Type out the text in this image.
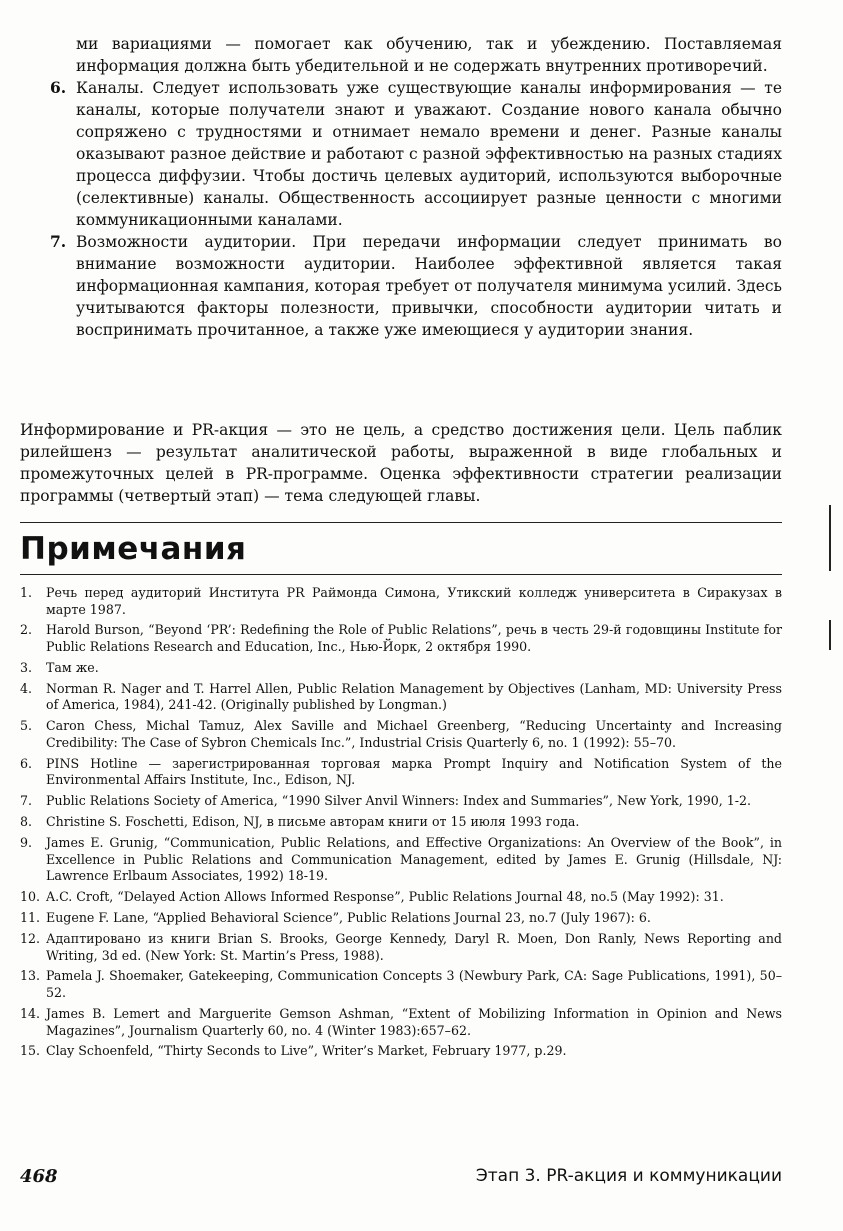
ми вариациями — помогает как обучению, так и убеждению. Поставляемая информация должна быть убедительной и не содержать внутренних противоречий.

6. Каналы. Следует использовать уже существующие каналы информирования — те каналы, которые получатели знают и уважают. Создание нового канала обычно сопряжено с трудностями и отнимает немало времени и денег. Разные каналы оказывают разное действие и работают с разной эффективностью на разных стадиях процесса диффузии. Чтобы достичь целевых аудиторий, используются выборочные (селективные) каналы. Общественность ассоциирует разные ценности с многими коммуникационными каналами.
7. Возможности аудитории. При передачи информации следует принимать во внимание возможности аудитории. Наиболее эффективной является такая информационная кампания, которая требует от получателя минимума усилий. Здесь учитываются факторы полезности, привычки, способности аудитории читать и воспринимать прочитанное, а также уже имеющиеся у аудитории знания.
Информирование и PR-акция — это не цель, а средство достижения цели. Цель паблик рилейшенз — результат аналитической работы, выраженной в виде глобальных и промежуточных целей в PR-программе. Оценка эффективности стратегии реализации программы (четвертый этап) — тема следующей главы.
Примечания
1. Речь перед аудиторий Института PR Раймонда Симона, Утикский колледж университета в Сиракузах в марте 1987.
2. Harold Burson, “Beyond ‘PR’: Redefining the Role of Public Relations”, речь в честь 29-й годовщины Institute for Public Relations Research and Education, Inc., Нью-Йорк, 2 октября 1990.
3. Там же.
4. Norman R. Nager and T. Harrel Allen, Public Relation Management by Objectives (Lanham, MD: University Press of America, 1984), 241-42. (Originally published by Longman.)
5. Caron Chess, Michal Tamuz, Alex Saville and Michael Greenberg, “Reducing Uncertainty and Increasing Credibility: The Case of Sybron Chemicals Inc.”, Industrial Crisis Quarterly 6, no. 1 (1992): 55–70.
6. PINS Hotline — зарегистрированная торговая марка Prompt Inquiry and Notification System of the Environmental Affairs Institute, Inc., Edison, NJ.
7. Public Relations Society of America, “1990 Silver Anvil Winners: Index and Summaries”, New York, 1990, 1-2.
8. Christine S. Foschetti, Edison, NJ, в письме авторам книги от 15 июля 1993 года.
9. James E. Grunig, “Communication, Public Relations, and Effective Organizations: An Overview of the Book”, in Excellence in Public Relations and Communication Management, edited by James E. Grunig (Hillsdale, NJ: Lawrence Erlbaum Associates, 1992) 18-19.
10. A.C. Croft, “Delayed Action Allows Informed Response”, Public Relations Journal 48, no.5 (May 1992): 31.
11. Eugene F. Lane, “Applied Behavioral Science”, Public Relations Journal 23, no.7 (July 1967): 6.
12. Адаптировано из книги Brian S. Brooks, George Kennedy, Daryl R. Moen, Don Ranly, News Reporting and Writing, 3d ed. (New York: St. Martin’s Press, 1988).
13. Pamela J. Shoemaker, Gatekeeping, Communication Concepts 3 (Newbury Park, CA: Sage Publications, 1991), 50–52.
14. James B. Lemert and Marguerite Gemson Ashman, “Extent of Mobilizing Information in Opinion and News Magazines”, Journalism Quarterly 60, no. 4 (Winter 1983):657–62.
15. Clay Schoenfeld, “Thirty Seconds to Live”, Writer’s Market, February 1977, p.29.
468	Этап 3. PR-акция и коммуникации
